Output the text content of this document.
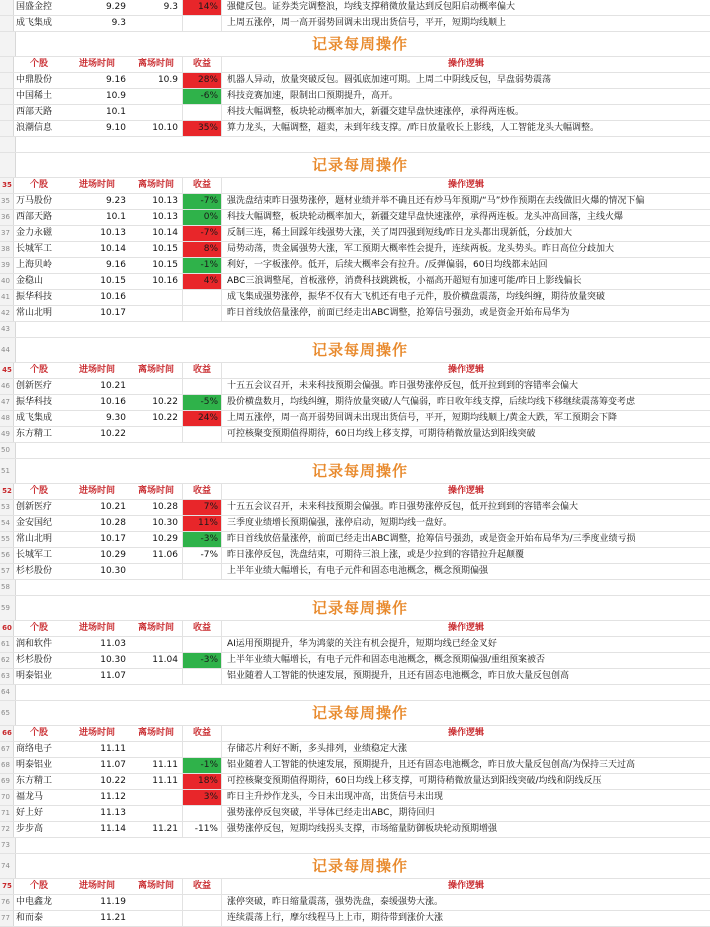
国盛金控	9.29	9.3	14%	强健反包。证券类完调整浪，均线支撑稍微放量达到反包阳启动概率偏大
成飞集成	9.3	上周五涨停，周一高开弱势回调未出现出货信号，平开，短期均线顺上
记录每周操作
个股	进场时间	离场时间	收益	操作逻辑
中鼎股份	9.16	10.9	28%	机器人异动，放量突破反包。圆弧底加速可期。上周二中阴线反包，早盘弱势震荡
中国稀土	10.9	-6%	科技竞赛加速，限制出口预期提升，高开。
西部天路	10.1	科技大幅调整，板块轮动概率加大，新疆交建早盘快速涨停，承得两连板。
浪潮信息	9.10	10.10	35%	算力龙头，大幅调整，超卖，未到年线支撑。/昨日放量收长上影线，人工智能龙头大幅调整。
记录每周操作
35	个股	进场时间	离场时间	收益	操作逻辑
35 万马股份	9.23	10.13	-7%	强洗盘结束昨日强势涨停，题材业绩并举不确且还有炒马年预期/“马”炒作预期在去线做旧火爆的情况下偏
36 西部天路	10.1	10.13	0%	科技大幅调整，板块轮动概率加大，新疆交建早盘快速涨停，承得两连板。龙头冲高回落，主线火爆
37 金力永磁	10.13	10.14	-7%	反制三连，稀土回踩年线强势大涨，关了周四强到短线/昨日龙头都出现新低，分歧加大
38 长城军工	10.14	10.15	8%	局势动荡，贵金属强势大涨，军工预期大概率性会提升，连续两板。龙头势头。昨日高位分歧加大
39 上海贝岭	9.16	10.15	-1%	利好，一字板涨停。低开，后续大概率会有拉升。/反弹偏弱，60日均线都未站回
40 金稳山	10.15	10.16	4%	ABC三浪调整尾，首板涨停，消费科技跳跳板，小福高开超短有加速可能/昨日上影线偏长
41 振华科技	10.16	成飞集成强势涨停，振华不仅有大飞机还有电子元件，股价横盘震荡，均线纠缠，期待放量突破
42 常山北明	10.17	昨日首线放倍量涨停，前面已经走出ABC调整，抢筹信号强劲，或是资金开始布局华为
43
44	记录每周操作
45	个股	进场时间	离场时间	收益	操作逻辑
46 创新医疗	10.21	十五五会议召开，未来科技预期会偏强。昨日强势涨停反包，低开拉到到的容错率会偏大
47 振华科技	10.16	10.22	-5%	股价横盘数月，均线纠缠，期待放量突破/人气偏弱，昨日收年线支撑，后续均线下移继续震荡筹变考虑
48 成飞集成	9.30	10.22	24%	上周五涨停，周一高开弱势回调未出现出货信号，平开，短期均线顺上/黄金大跌，军工预期会下降
49 东方精工	10.22	可控核聚变预期值得期待，60日均线上移支撑，可期待稍微放量达到阳线突破
50
51	记录每周操作
52	个股	进场时间	离场时间	收益	操作逻辑
53 创新医疗	10.21	10.28	7%	十五五会议召开，未来科技预期会偏强。昨日强势涨停反包，低开拉到到的容错率会偏大
54 金安国纪	10.28	10.30	11%	三季度业绩增长预期偏强，涨停启动，短期均线一盘好。
55 常山北明	10.17	10.29	-3%	昨日首线放倍量涨停，前面已经走出ABC调整，抢筹信号强劲，或是资金开始布局华为/三季度业绩亏损
56 长城军工	10.29	11.06	-7%	昨日涨停反包，洗盘结束，可期待三浪上涨，或是少拉到的容错拉升起颠覆
57 杉杉股份	10.30	上半年业绩大幅增长，有电子元件和固态电池概念，概念预期偏强
58
59	记录每周操作
60	个股	进场时间	离场时间	收益	操作逻辑
61 润和软件	11.03	AI运用预期提升，华为鸿蒙的关注有机会提升，短期均线已经金叉好
62 杉杉股份	10.30	11.04	-3%	上半年业绩大幅增长，有电子元件和固态电池概念，概念预期偏强/重组预案被否
63 明泰铝业	11.07	铝业随着人工智能的快速发展，预期提升，且还有固态电池概念，昨日放大量反包创高
64
65	记录每周操作
66	个股	进场时间	离场时间	收益	操作逻辑
67 商络电子	11.11	存储芯片利好不断，多头排列，业绩稳定大涨
68 明泰铝业	11.07	11.11	-1%	铝业随着人工智能的快速发展，预期提升，且还有固态电池概念，昨日放大量反包创高/为保持三天过高
69 东方精工	10.22	11.11	18%	可控核聚变预期值得期待，60日均线上移支撑，可期待稍微放量达到阳线突破/均线和阴线反压
70 福龙马	11.12	3%	昨日主升炒作龙头，今日未出现冲高，出货信号未出现
71 好上好	11.13	强势涨停反包突破，半导体已经走出ABC，期待回归
72 步步高	11.14	11.21	-11%	强势涨停反包，短期均线拐头支撑，市场缩量防御板块轮动预期增强
73
74	记录每周操作
75	个股	进场时间	离场时间	收益	操作逻辑
76 中电鑫龙	11.19	涨停突破，昨日缩量震荡，强势洗盘，泰缓强势大涨。
77 和而泰	11.21	连续震荡上行，摩尔线程马上上市，期待带到涨价大涨
